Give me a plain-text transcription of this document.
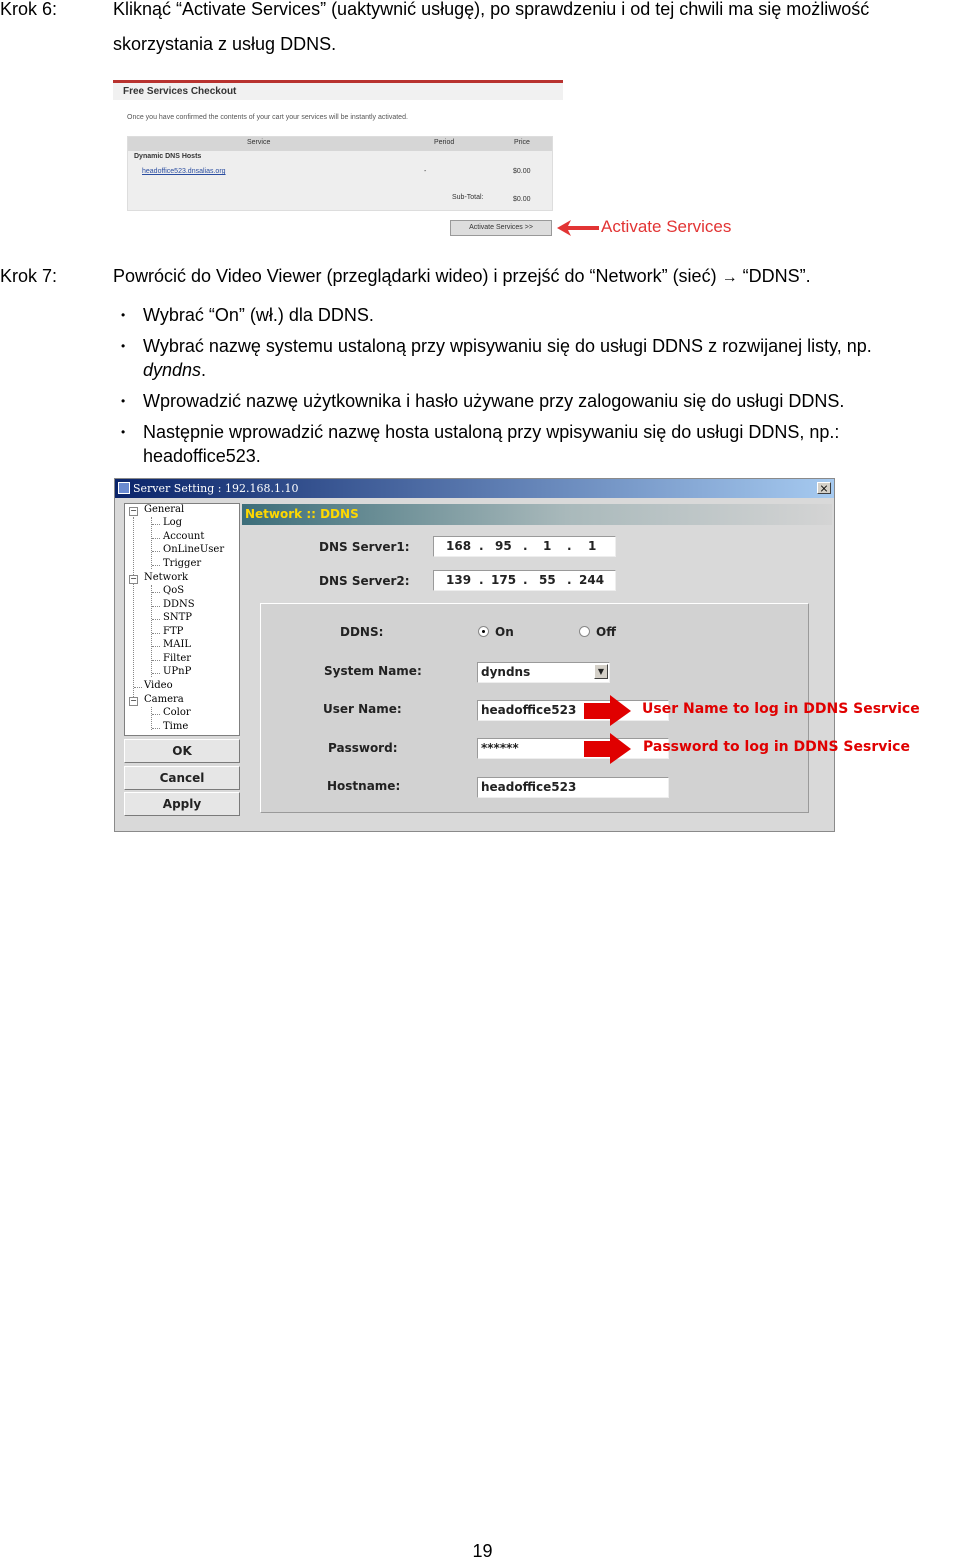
Krok 6:	Kliknąć “Activate Services” (uaktywnić usługę), po sprawdzeniu i od tej chwili ma się możliwość
skorzystania z usług DDNS.
Free Services Checkout
Once you have confirmed the contents of your cart your services will be instantly activated.
Service	Period	Price
Dynamic DNS Hosts
headoffice523.dnsalias.org	-	$0.00
Sub-Total:	$0.00
Activate Services >>	Activate Services
Krok 7:	Powrócić do Video Viewer (przeglądarki wideo) i przejść do “Network” (sieć) → “DDNS”.
• Wybrać “On” (wł.) dla DDNS.
• Wybrać nazwę systemu ustaloną przy wpisywaniu się do usługi DDNS z rozwijanej listy, np.
dyndns.
• Wprowadzić nazwę użytkownika i hasło używane przy zalogowaniu się do usługi DDNS.
• Następnie wprowadzić nazwę hosta ustaloną przy wpisywaniu się do usługi DDNS, np.:
headoffice523.
Server Setting : 192.168.1.10	×
− General
Log
Account
OnLineUser
Trigger
− Network
QoS
DDNS
SNTP
FTP
MAIL
Filter
UPnP
Video
− Camera
Color
Time
OK
Cancel
Apply
Network :: DDNS
DNS Server1:	168 . 95 . 1 . 1
DNS Server2:	139 . 175 . 55 . 244
DDNS:	On	Off
System Name:	dyndns	▼
User Name:	headoffice523
Password:	******
Hostname:	headoffice523
User Name to log in DDNS Sesrvice
Password to log in DDNS Sesrvice
19
